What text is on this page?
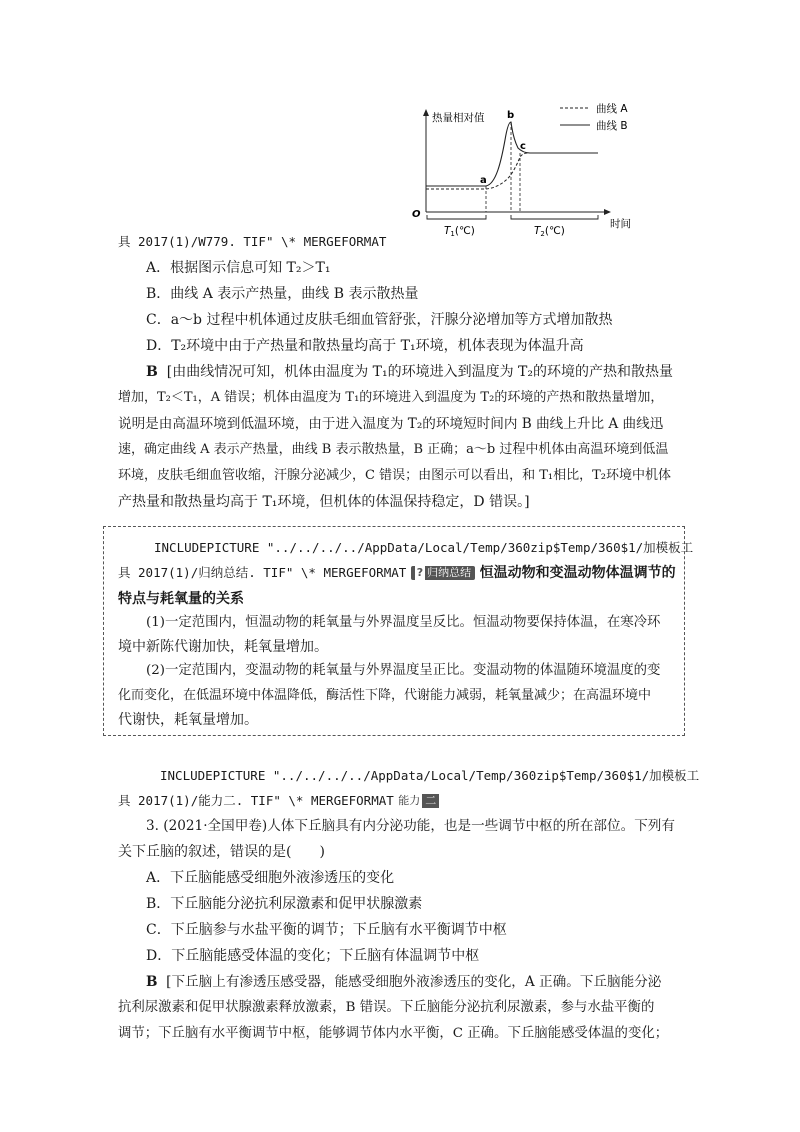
热量相对值
时间
O
a
b
c
曲线 A
曲线 B
T1(℃)	T2(℃)
具 2017(1)/W779. TIF" \* MERGEFORMAT
A．根据图示信息可知 T₂＞T₁
B．曲线 A 表示产热量，曲线 B 表示散热量
C．a～b 过程中机体通过皮肤毛细血管舒张，汗腺分泌增加等方式增加散热
D．T₂环境中由于产热量和散热量均高于 T₁环境，机体表现为体温升高
B [由曲线情况可知，机体由温度为 T₁的环境进入到温度为 T₂的环境的产热和散热量
增加，T₂＜T₁，A 错误；机体由温度为 T₁的环境进入到温度为 T₂的环境的产热和散热量增加，
说明是由高温环境到低温环境，由于进入温度为 T₂的环境短时间内 B 曲线上升比 A 曲线迅
速，确定曲线 A 表示产热量，曲线 B 表示散热量，B 正确；a～b 过程中机体由高温环境到低温
环境，皮肤毛细血管收缩，汗腺分泌减少，C 错误；由图示可以看出，和 T₁相比，T₂环境中机体
产热量和散热量均高于 T₁环境，但机体的体温保持稳定，D 错误。]
INCLUDEPICTURE "../../../../AppData/Local/Temp/360zip$Temp/360$1/加模板工
具 2017(1)/归纳总结. TIF" \* MERGEFORMAT ? 归纳总结 恒温动物和变温动物体温调节的
特点与耗氧量的关系
(1)一定范围内，恒温动物的耗氧量与外界温度呈反比。恒温动物要保持体温，在寒冷环
境中新陈代谢加快，耗氧量增加。
(2)一定范围内，变温动物的耗氧量与外界温度呈正比。变温动物的体温随环境温度的变
化而变化，在低温环境中体温降低，酶活性下降，代谢能力减弱，耗氧量减少；在高温环境中
代谢快，耗氧量增加。
INCLUDEPICTURE "../../../../AppData/Local/Temp/360zip$Temp/360$1/加模板工
具 2017(1)/能力二. TIF" \* MERGEFORMAT 能力 二
3. (2021·全国甲卷)人体下丘脑具有内分泌功能，也是一些调节中枢的所在部位。下列有
关下丘脑的叙述，错误的是(　　)
A．下丘脑能感受细胞外液渗透压的变化
B．下丘脑能分泌抗利尿激素和促甲状腺激素
C．下丘脑参与水盐平衡的调节；下丘脑有水平衡调节中枢
D．下丘脑能感受体温的变化；下丘脑有体温调节中枢
B [下丘脑上有渗透压感受器，能感受细胞外液渗透压的变化，A 正确。下丘脑能分泌
抗利尿激素和促甲状腺激素释放激素，B 错误。下丘脑能分泌抗利尿激素，参与水盐平衡的
调节；下丘脑有水平衡调节中枢，能够调节体内水平衡，C 正确。下丘脑能感受体温的变化；
